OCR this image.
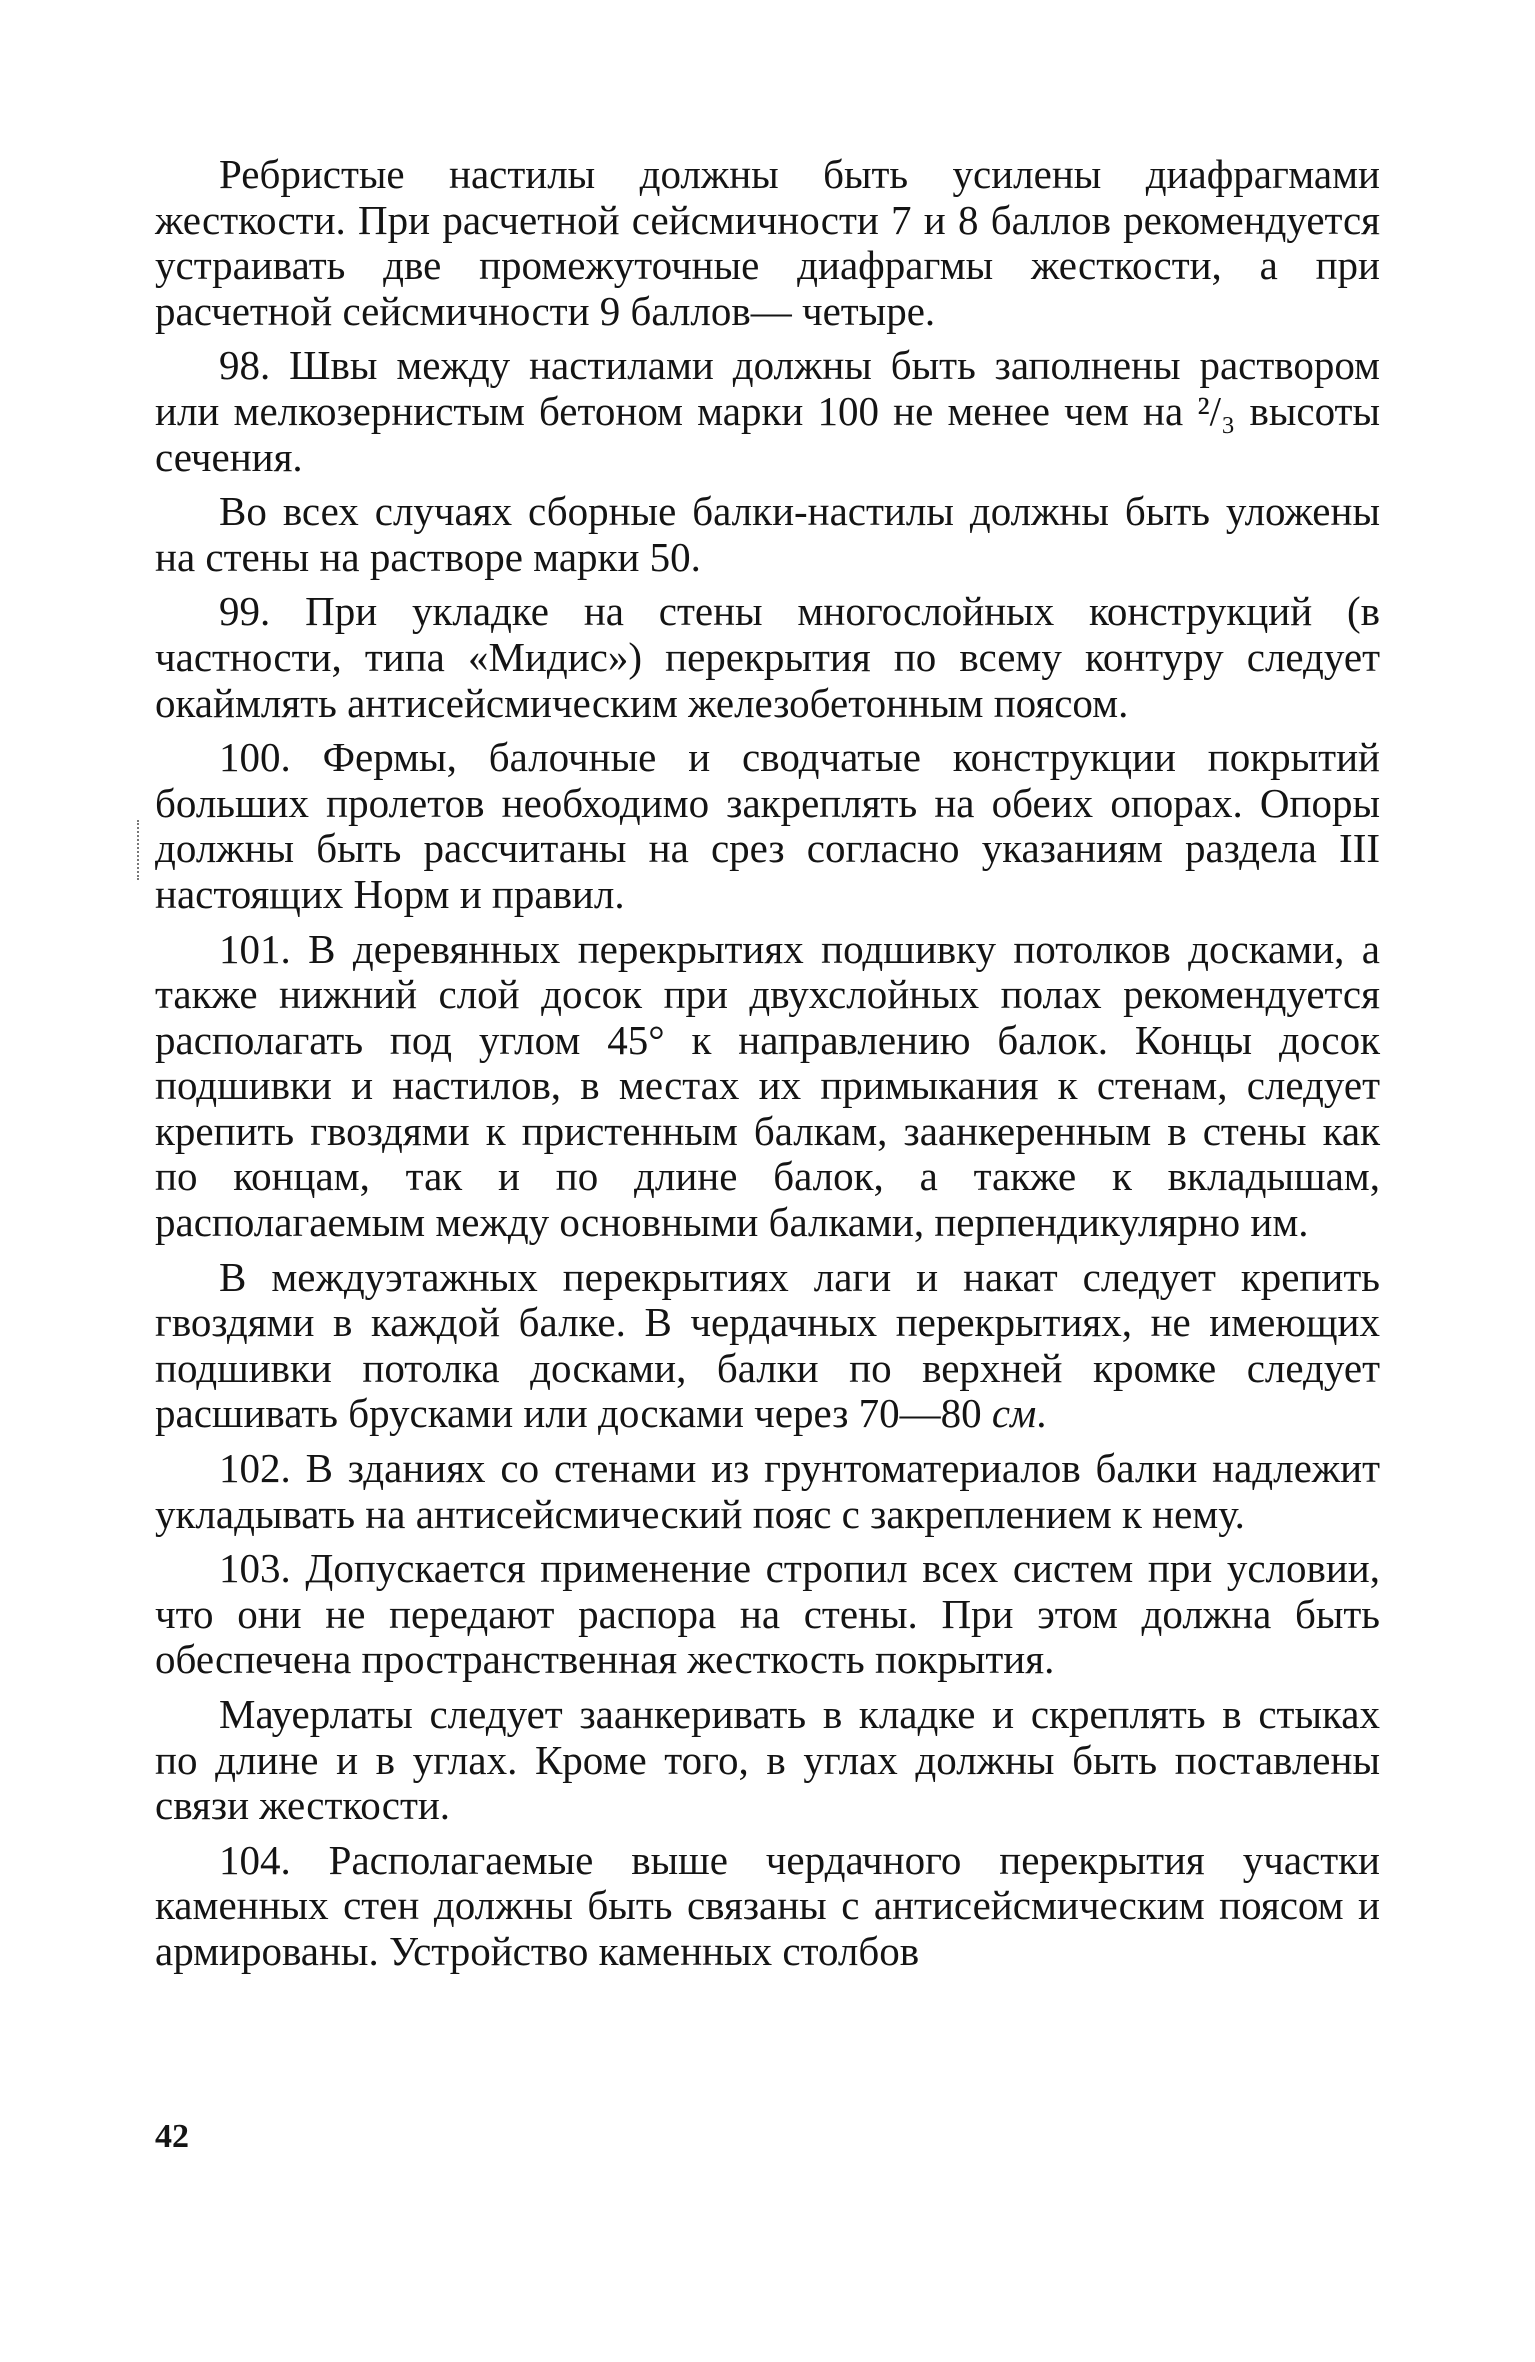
Ребристые настилы должны быть усилены диафрагмами жесткости. При расчетной сейсмичности 7 и 8 баллов рекомендуется устраивать две промежуточные диафрагмы жесткости, а при расчетной сейсмичности 9 баллов— четыре.

98. Швы между настилами должны быть заполнены раствором или мелкозернистым бетоном марки 100 не менее чем на ²/₃ высоты сечения.

Во всех случаях сборные балки-настилы должны быть уложены на стены на растворе марки 50.

99. При укладке на стены многослойных конструкций (в частности, типа «Мидис») перекрытия по всему контуру следует окаймлять антисейсмическим железобетонным поясом.

100. Фермы, балочные и сводчатые конструкции покрытий больших пролетов необходимо закреплять на обеих опорах. Опоры должны быть рассчитаны на срез согласно указаниям раздела III настоящих Норм и правил.

101. В деревянных перекрытиях подшивку потолков досками, а также нижний слой досок при двухслойных полах рекомендуется располагать под углом 45° к направлению балок. Концы досок подшивки и настилов, в местах их примыкания к стенам, следует крепить гвоздями к пристенным балкам, заанкеренным в стены как по концам, так и по длине балок, а также к вкладышам, располагаемым между основными балками, перпендикулярно им.

В междуэтажных перекрытиях лаги и накат следует крепить гвоздями в каждой балке. В чердачных перекрытиях, не имеющих подшивки потолка досками, балки по верхней кромке следует расшивать брусками или досками через 70—80 см.

102. В зданиях со стенами из грунтоматериалов балки надлежит укладывать на антисейсмический пояс с закреплением к нему.

103. Допускается применение стропил всех систем при условии, что они не передают распора на стены. При этом должна быть обеспечена пространственная жесткость покрытия.

Мауерлаты следует заанкеривать в кладке и скреплять в стыках по длине и в углах. Кроме того, в углах должны быть поставлены связи жесткости.

104. Располагаемые выше чердачного перекрытия участки каменных стен должны быть связаны с антисейсмическим поясом и армированы. Устройство каменных столбов

42
